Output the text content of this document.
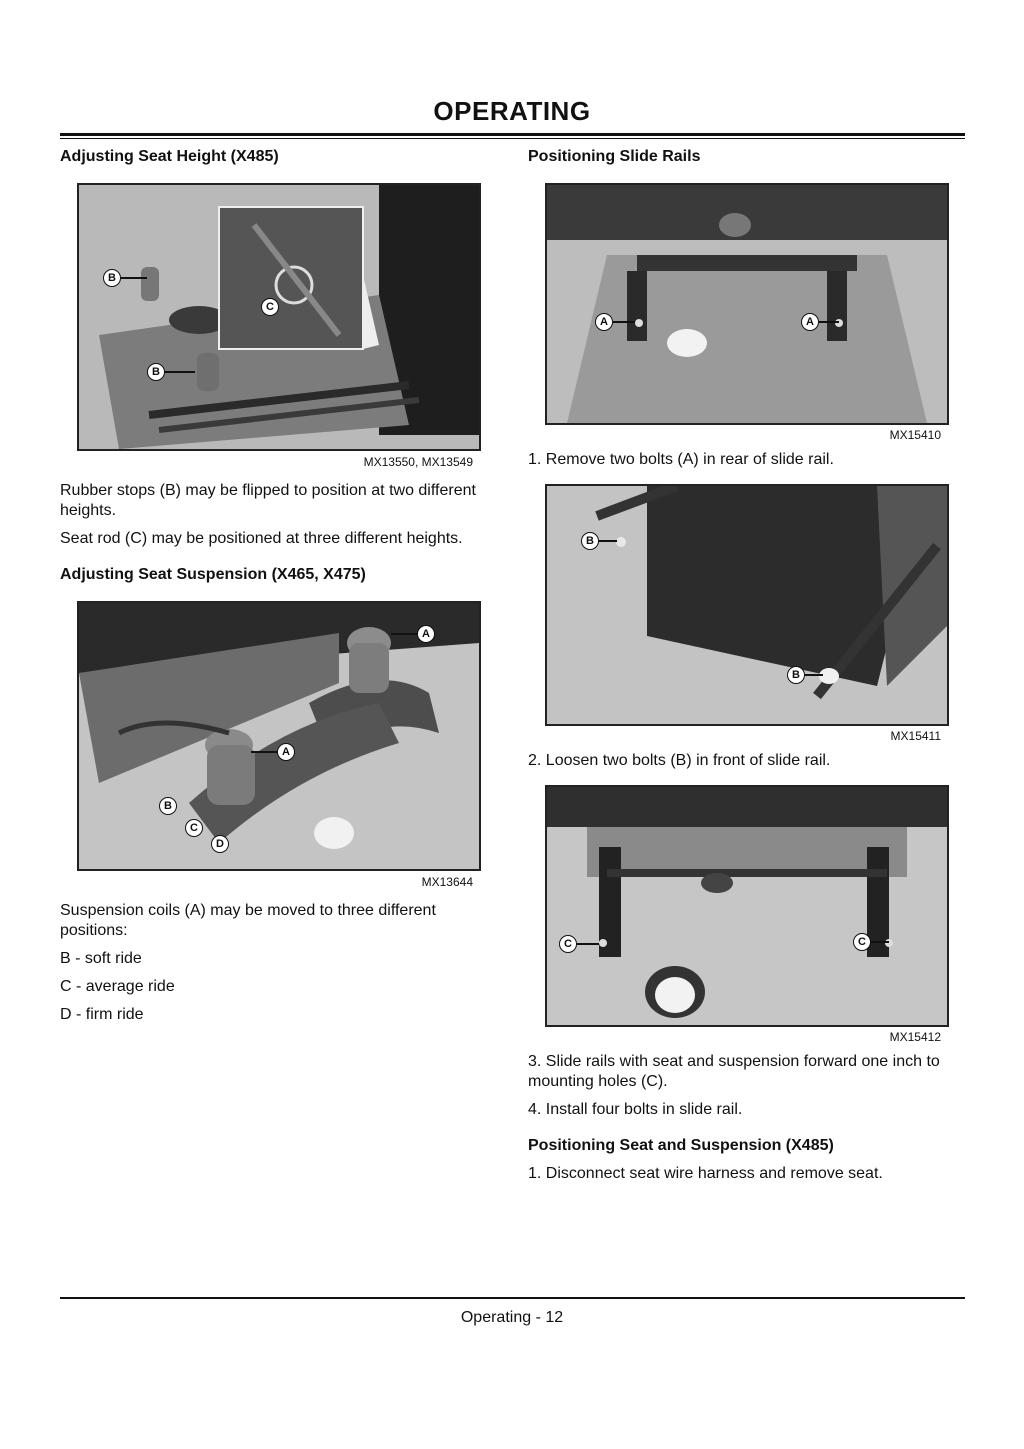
OPERATING
Adjusting Seat Height (X485)
B
C
B
MX13550, MX13549

Rubber stops (B) may be flipped to position at two different heights.

Seat rod (C) may be positioned at three different heights.

Adjusting Seat Suspension (X465, X475)
A
A
B
C
D
MX13644

Suspension coils (A) may be moved to three different positions:

B - soft ride

C - average ride

D - firm ride

Positioning Slide Rails
A	A
MX15410

1. Remove two bolts (A) in rear of slide rail.

B
B
MX15411

2. Loosen two bolts (B) in front of slide rail.

C	C
MX15412

3. Slide rails with seat and suspension forward one inch to mounting holes (C).

4. Install four bolts in slide rail.

Positioning Seat and Suspension (X485)

1. Disconnect seat wire harness and remove seat.

Operating - 12
